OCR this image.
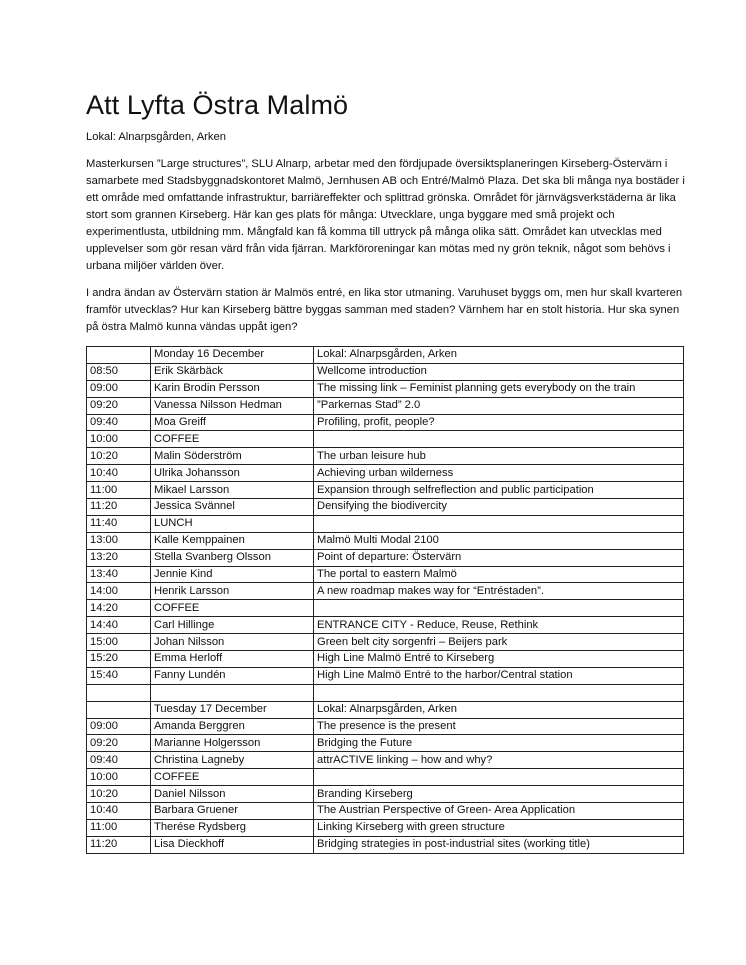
Att Lyfta Östra Malmö

Lokal: Alnarpsgården, Arken

Masterkursen ”Large structures”, SLU Alnarp, arbetar med den fördjupade översiktsplaneringen Kirseberg-Östervärn i samarbete med Stadsbyggnadskontoret Malmö, Jernhusen AB och Entré/Malmö Plaza. Det ska bli många nya bostäder i ett område med omfattande infrastruktur, barriäreffekter och splittrad grönska. Området för järnvägsverkstäderna är lika stort som grannen Kirseberg. Här kan ges plats för många: Utvecklare, unga byggare med små projekt och experimentlusta, utbildning mm. Mångfald kan få komma till uttryck på många olika sätt. Området kan utvecklas med upplevelser som gör resan värd från vida fjärran. Markföroreningar kan mötas med ny grön teknik, något som behövs i urbana miljöer världen över.

I andra ändan av Östervärn station är Malmös entré, en lika stor utmaning. Varuhuset byggs om, men hur skall kvarteren framför utvecklas? Hur kan Kirseberg bättre byggas samman med staden? Värnhem har en stolt historia. Hur ska synen på östra Malmö kunna vändas uppåt igen?

	Monday 16 December	Lokal: Alnarpsgården, Arken
08:50	Erik Skärbäck	Wellcome introduction
09:00	Karin Brodin Persson	The missing link – Feminist planning gets everybody on the train
09:20	Vanessa Nilsson Hedman	”Parkernas Stad” 2.0
09:40	Moa Greiff	Profiling, profit, people?
10:00	COFFEE	
10:20	Malin Söderström	The urban leisure hub
10:40	Ulrika Johansson	Achieving urban wilderness
11:00	Mikael Larsson	Expansion through selfreflection and public participation
11:20	Jessica Svännel	Densifying the biodivercity
11:40	LUNCH	
13:00	Kalle Kemppainen	Malmö Multi Modal 2100
13:20	Stella Svanberg Olsson	Point of departure: Östervärn
13:40	Jennie Kind	The portal to eastern Malmö
14:00	Henrik Larsson	A new roadmap makes way for “Entréstaden”.
14:20	COFFEE	
14:40	Carl Hillinge	ENTRANCE CITY - Reduce, Reuse, Rethink
15:00	Johan Nilsson	Green belt city sorgenfri – Beijers park
15:20	Emma Herloff	High Line Malmö Entré to Kirseberg
15:40	Fanny Lundén	High Line Malmö Entré to the harbor/Central station

	Tuesday 17 December	Lokal: Alnarpsgården, Arken
09:00	Amanda Berggren	The presence is the present
09:20	Marianne Holgersson	Bridging the Future
09:40	Christina Lagneby	attrACTIVE linking – how and why?
10:00	COFFEE	
10:20	Daniel Nilsson	Branding Kirseberg
10:40	Barbara Gruener	The Austrian Perspective of Green- Area Application
11:00	Therése Rydsberg	Linking Kirseberg with green structure
11:20	Lisa Dieckhoff	Bridging strategies in post-industrial sites (working title)
